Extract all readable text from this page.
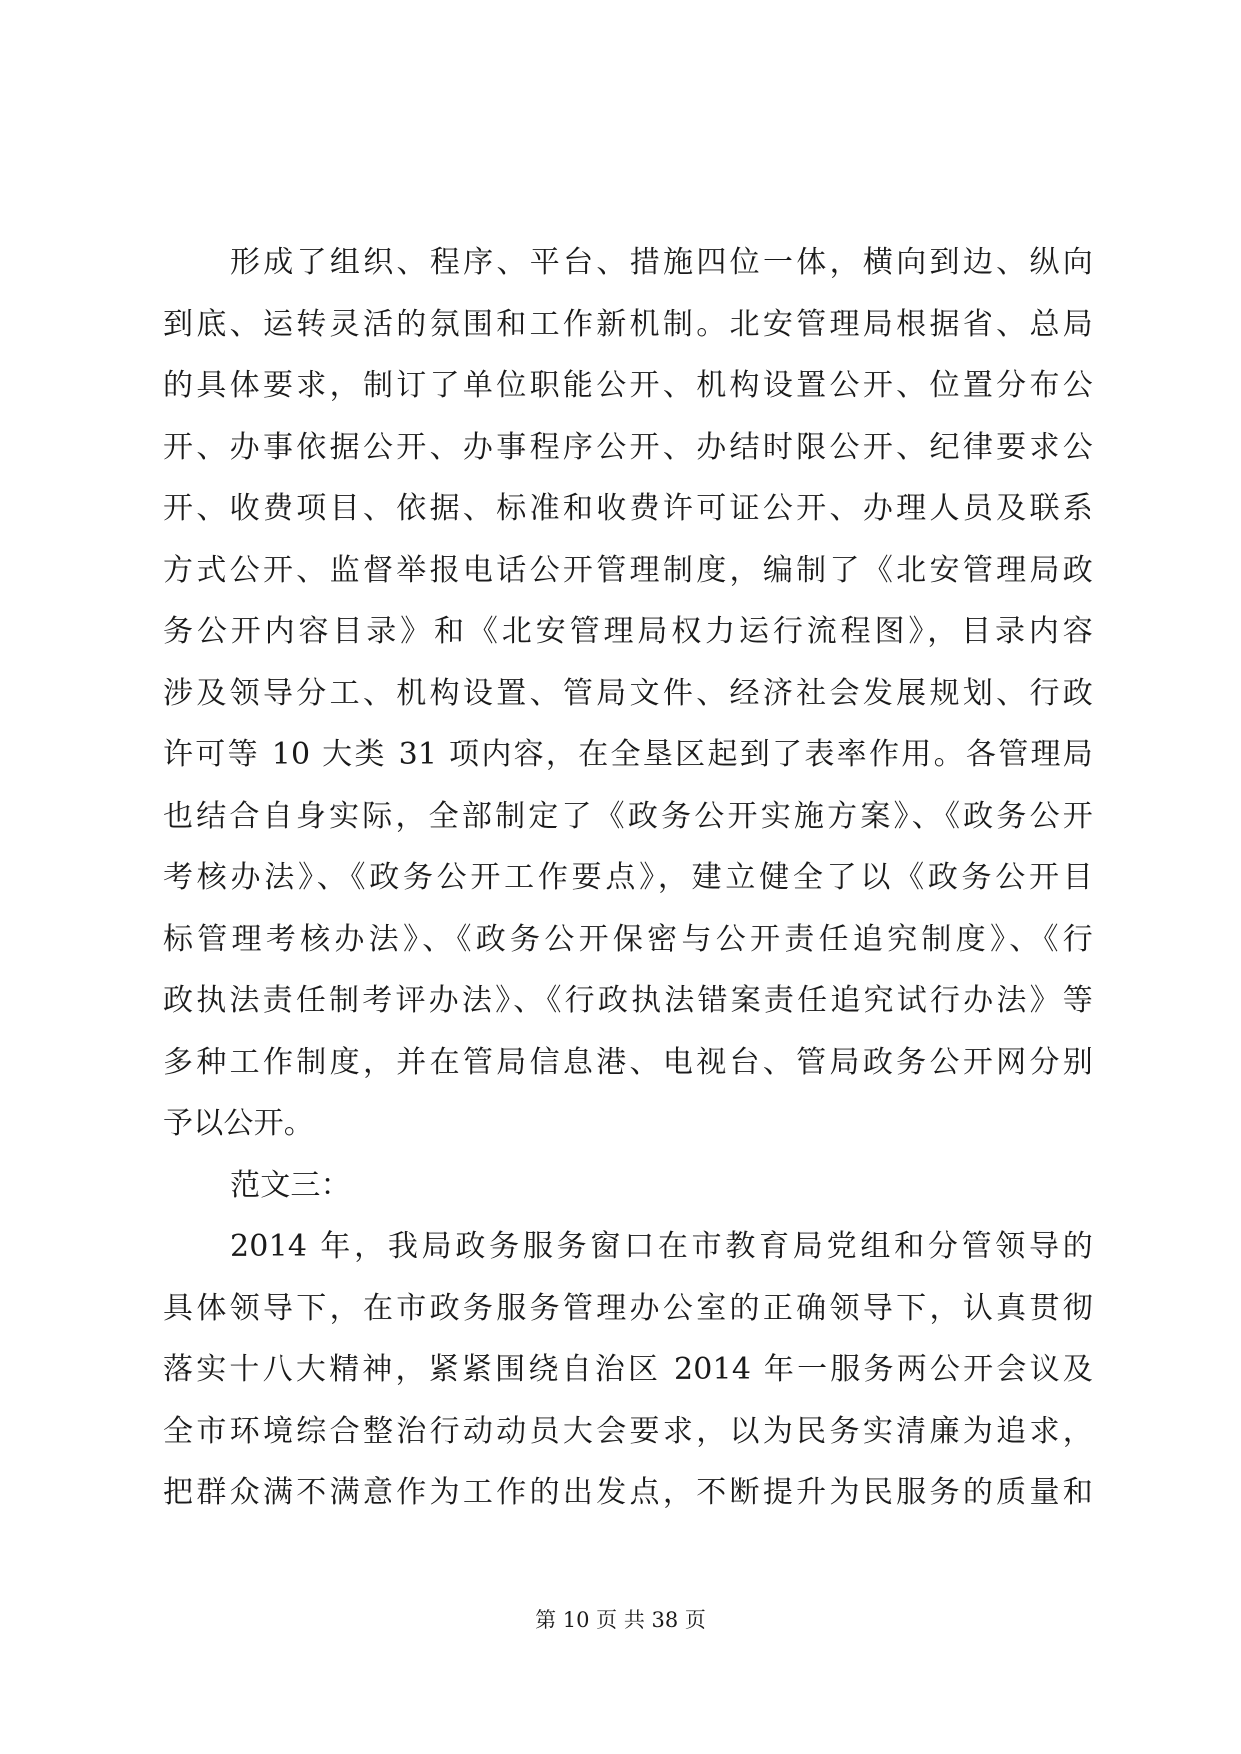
形成了组织、程序、平台、措施四位一体，横向到边、纵向
到底、运转灵活的氛围和工作新机制。北安管理局根据省、总局
的具体要求，制订了单位职能公开、机构设置公开、位置分布公
开、办事依据公开、办事程序公开、办结时限公开、纪律要求公
开、收费项目、依据、标准和收费许可证公开、办理人员及联系
方式公开、监督举报电话公开管理制度，编制了《北安管理局政
务公开内容目录》和《北安管理局权力运行流程图》，目录内容
涉及领导分工、机构设置、管局文件、经济社会发展规划、行政
许可等 10 大类 31 项内容，在全垦区起到了表率作用。各管理局
也结合自身实际，全部制定了《政务公开实施方案》、《政务公开
考核办法》、《政务公开工作要点》，建立健全了以《政务公开目
标管理考核办法》、《政务公开保密与公开责任追究制度》、《行
政执法责任制考评办法》、《行政执法错案责任追究试行办法》等
多种工作制度，并在管局信息港、电视台、管局政务公开网分别
予以公开。
范文三：
2014 年，我局政务服务窗口在市教育局党组和分管领导的
具体领导下，在市政务服务管理办公室的正确领导下，认真贯彻
落实十八大精神，紧紧围绕自治区 2014 年一服务两公开会议及
全市环境综合整治行动动员大会要求，以为民务实清廉为追求，
把群众满不满意作为工作的出发点，不断提升为民服务的质量和
第 10 页 共 38 页
